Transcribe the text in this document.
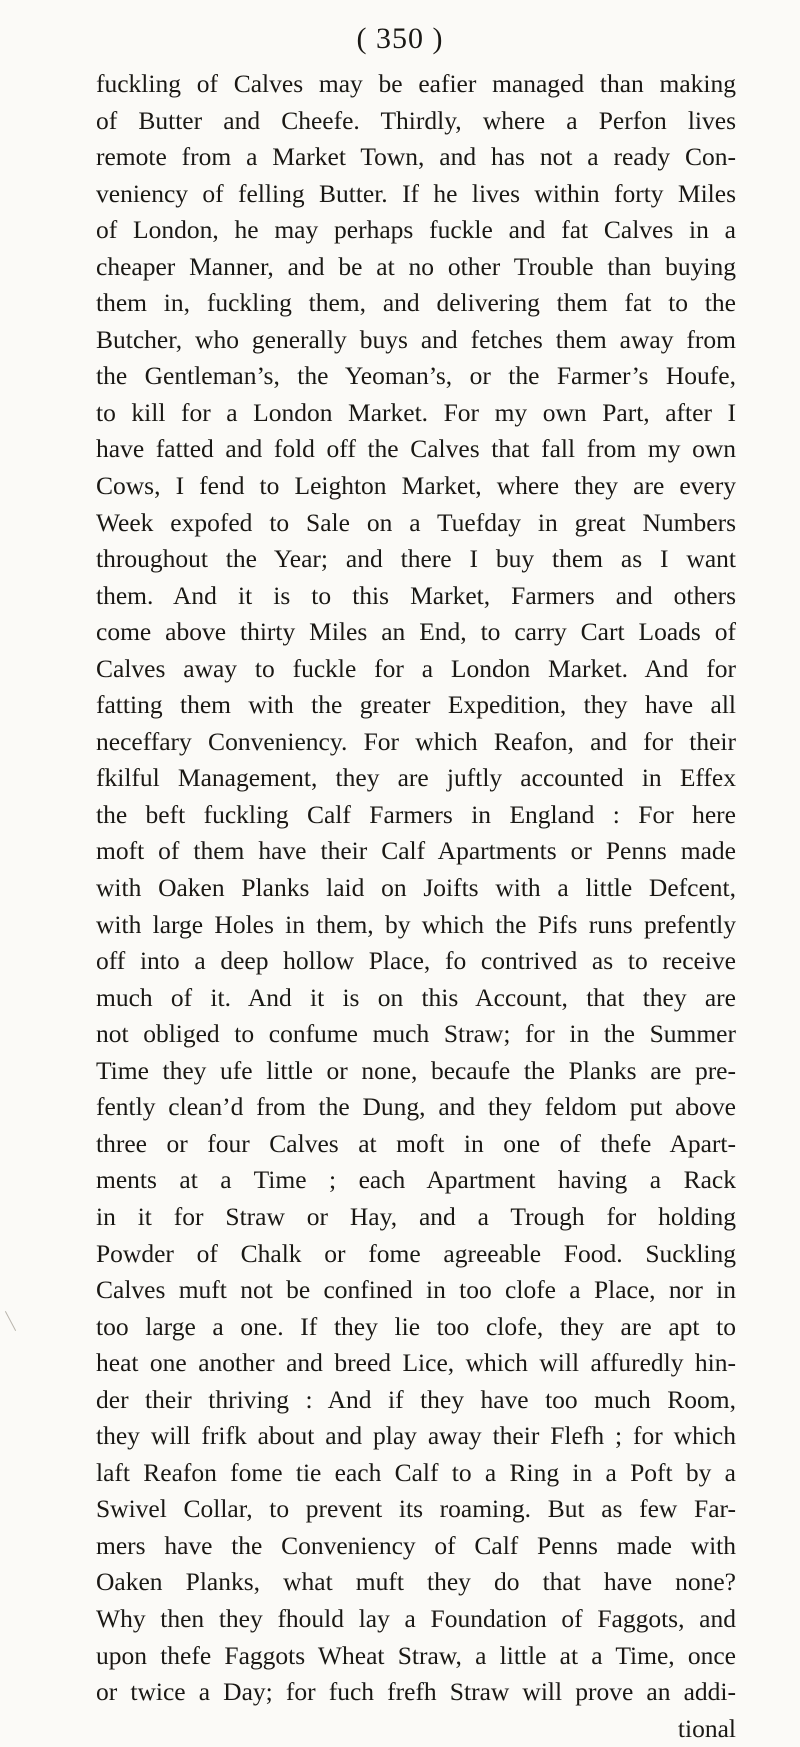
( 350 )
fuckling of Calves may be eafier managed than making
of Butter and Cheefe. Thirdly, where a Perfon lives
remote from a Market Town, and has not a ready Con-
veniency of felling Butter. If he lives within forty Miles
of London, he may perhaps fuckle and fat Calves in a
cheaper Manner, and be at no other Trouble than buying
them in, fuckling them, and delivering them fat to the
Butcher, who generally buys and fetches them away from
the Gentleman’s, the Yeoman’s, or the Farmer’s Houfe,
to kill for a London Market. For my own Part, after I
have fatted and fold off the Calves that fall from my own
Cows, I fend to Leighton Market, where they are every
Week expofed to Sale on a Tuefday in great Numbers
throughout the Year; and there I buy them as I want
them. And it is to this Market, Farmers and others
come above thirty Miles an End, to carry Cart Loads of
Calves away to fuckle for a London Market. And for
fatting them with the greater Expedition, they have all
neceffary Conveniency. For which Reafon, and for their
fkilful Management, they are juftly accounted in Effex
the beft fuckling Calf Farmers in England : For here
moft of them have their Calf Apartments or Penns made
with Oaken Planks laid on Joifts with a little Defcent,
with large Holes in them, by which the Pifs runs prefently
off into a deep hollow Place, fo contrived as to receive
much of it. And it is on this Account, that they are
not obliged to confume much Straw; for in the Summer
Time they ufe little or none, becaufe the Planks are pre-
fently clean’d from the Dung, and they feldom put above
three or four Calves at moft in one of thefe Apart-
ments at a Time ; each Apartment having a Rack
in it for Straw or Hay, and a Trough for holding
Powder of Chalk or fome agreeable Food. Suckling
Calves muft not be confined in too clofe a Place, nor in
too large a one. If they lie too clofe, they are apt to
heat one another and breed Lice, which will affuredly hin-
der their thriving : And if they have too much Room,
they will frifk about and play away their Flefh ; for which
laft Reafon fome tie each Calf to a Ring in a Poft by a
Swivel Collar, to prevent its roaming. But as few Far-
mers have the Conveniency of Calf Penns made with
Oaken Planks, what muft they do that have none?
Why then they fhould lay a Foundation of Faggots, and
upon thefe Faggots Wheat Straw, a little at a Time, once
or twice a Day; for fuch frefh Straw will prove an addi-
tional
